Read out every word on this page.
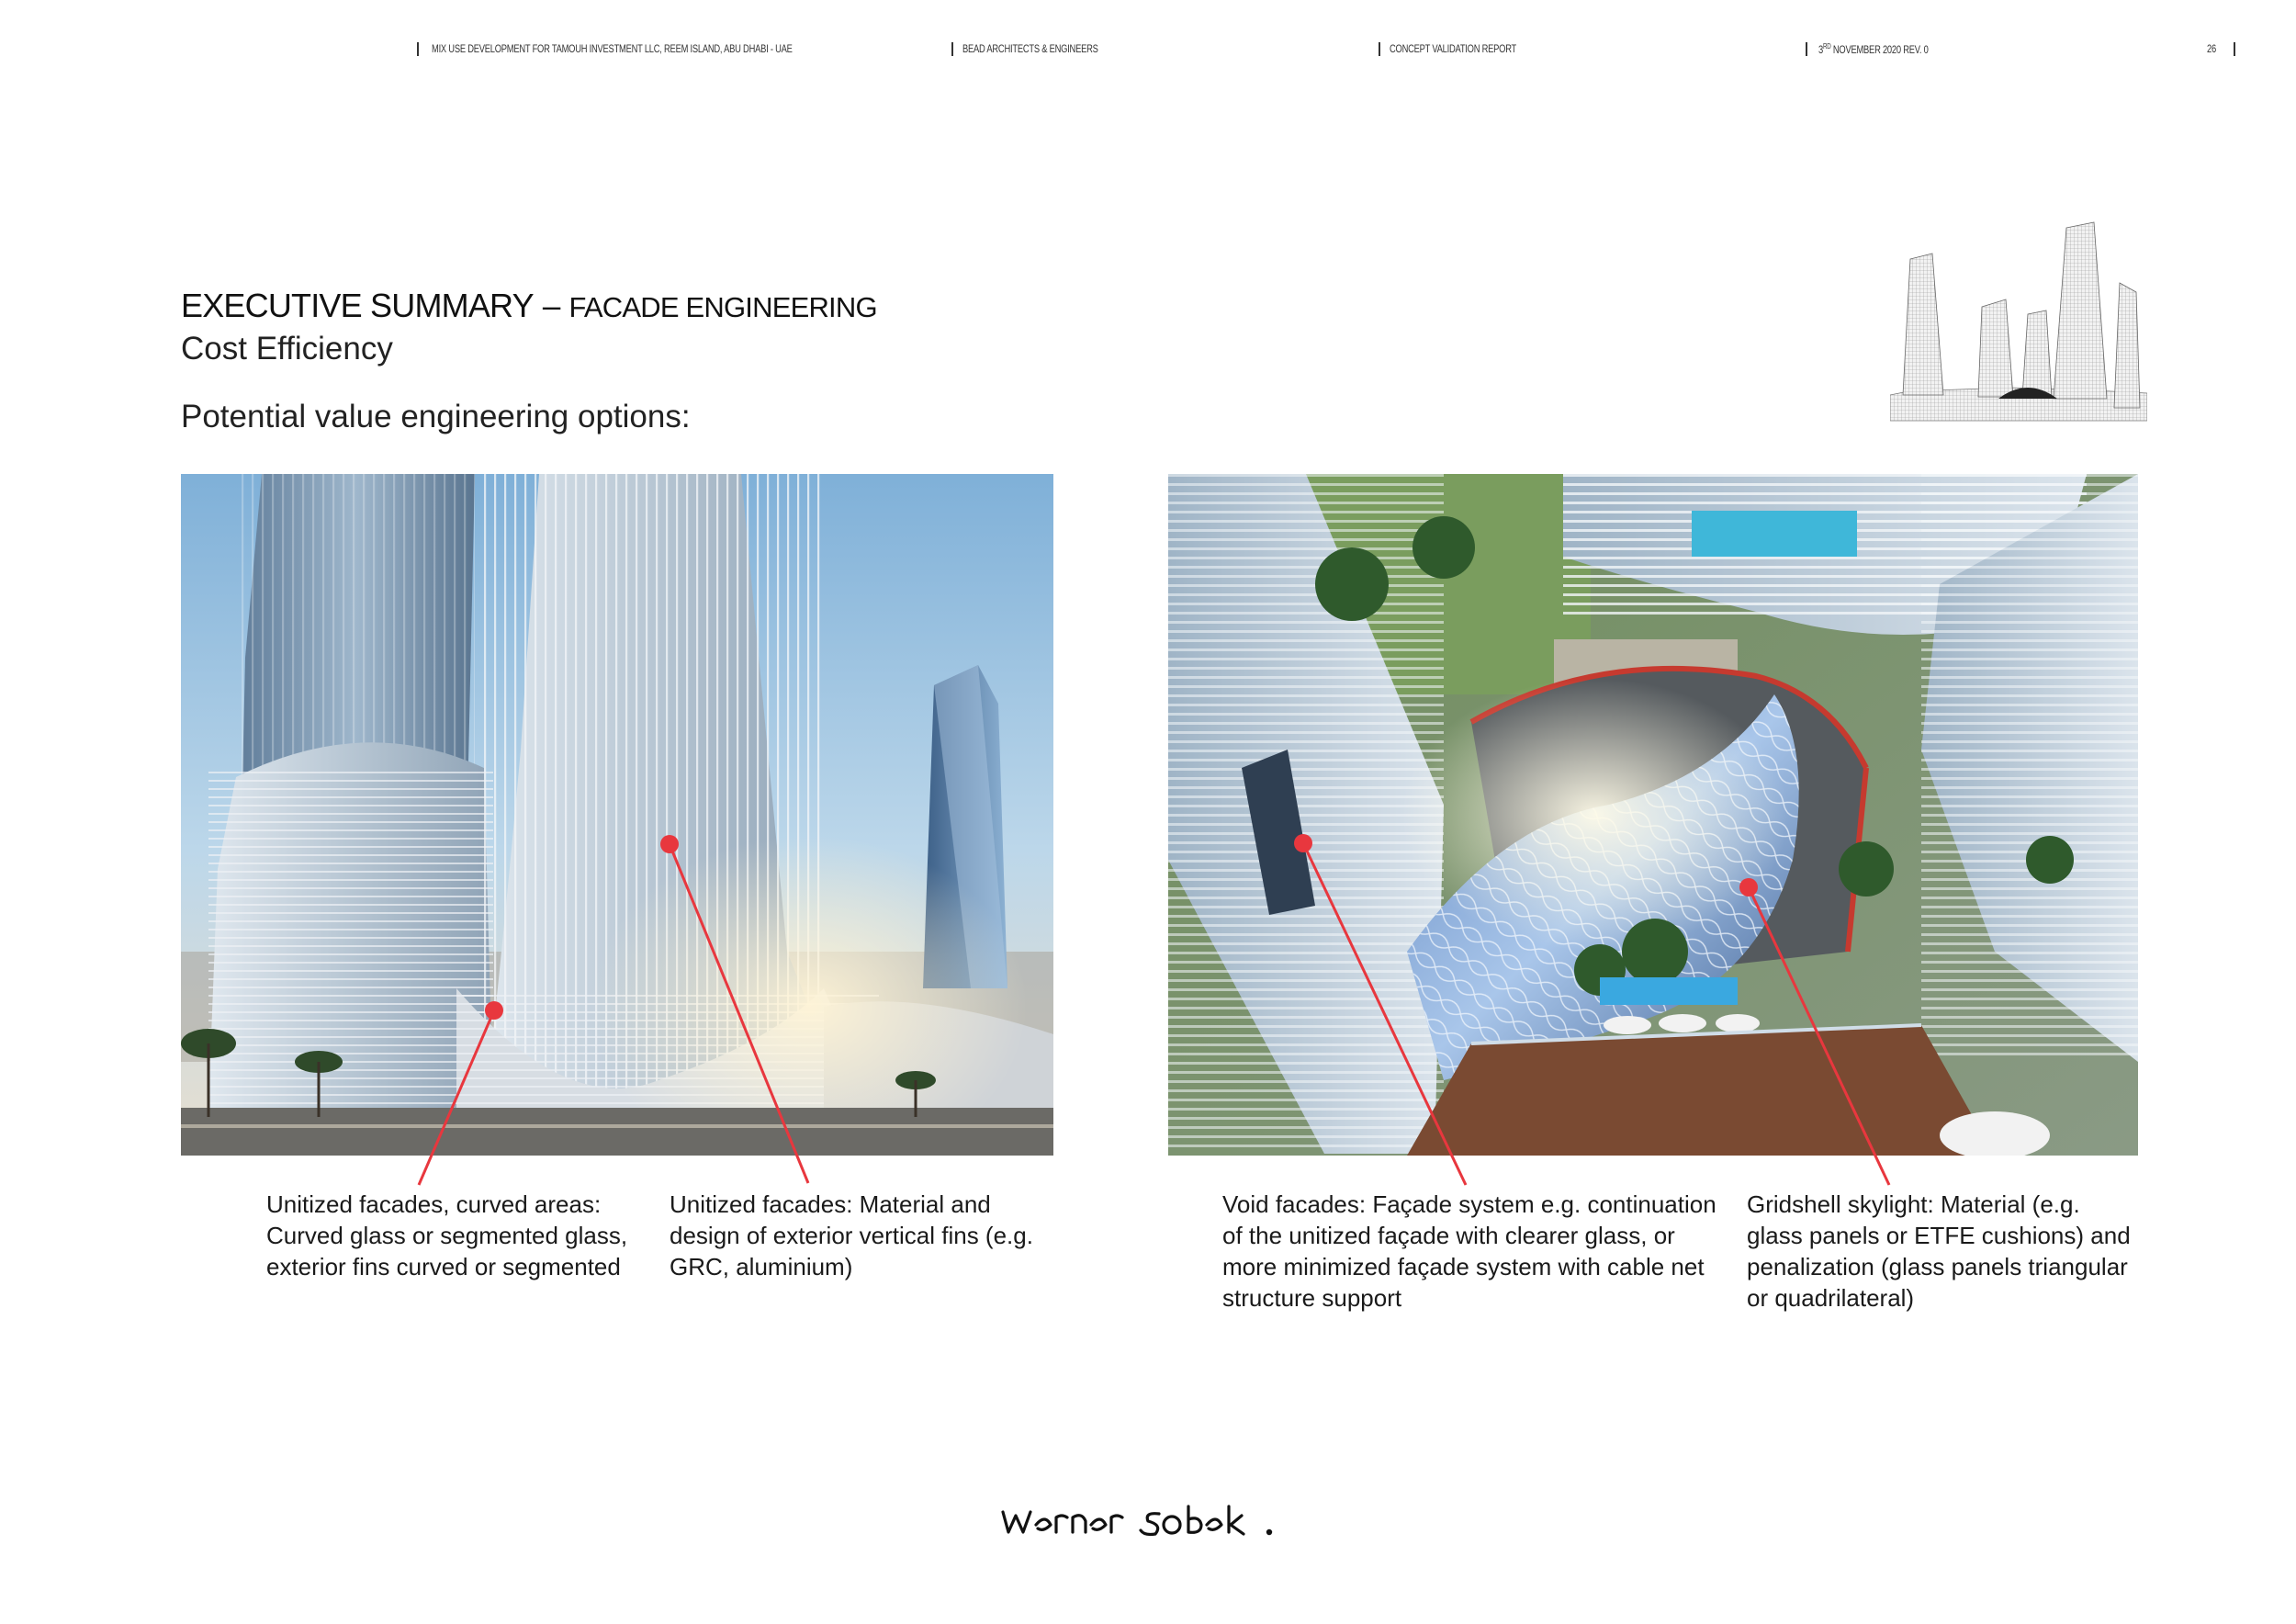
MIX USE DEVELOPMENT FOR TAMOUH INVESTMENT LLC, REEM ISLAND, ABU DHABI - UAE	BEAD ARCHITECTS & ENGINEERS	CONCEPT VALIDATION REPORT	3RD NOVEMBER 2020 REV. 0	26
EXECUTIVE SUMMARY – FACADE ENGINEERING
Cost Efficiency
Potential value engineering options:
Unitized facades, curved areas: Curved glass or segmented glass, exterior fins curved or segmented
Unitized facades: Material and design of exterior vertical fins (e.g. GRC, aluminium)
Void facades: Façade system e.g. continuation of the unitized façade with clearer glass, or more minimized façade system with cable net structure support
Gridshell skylight: Material (e.g. glass panels or ETFE cushions) and penalization (glass panels triangular or quadrilateral)
